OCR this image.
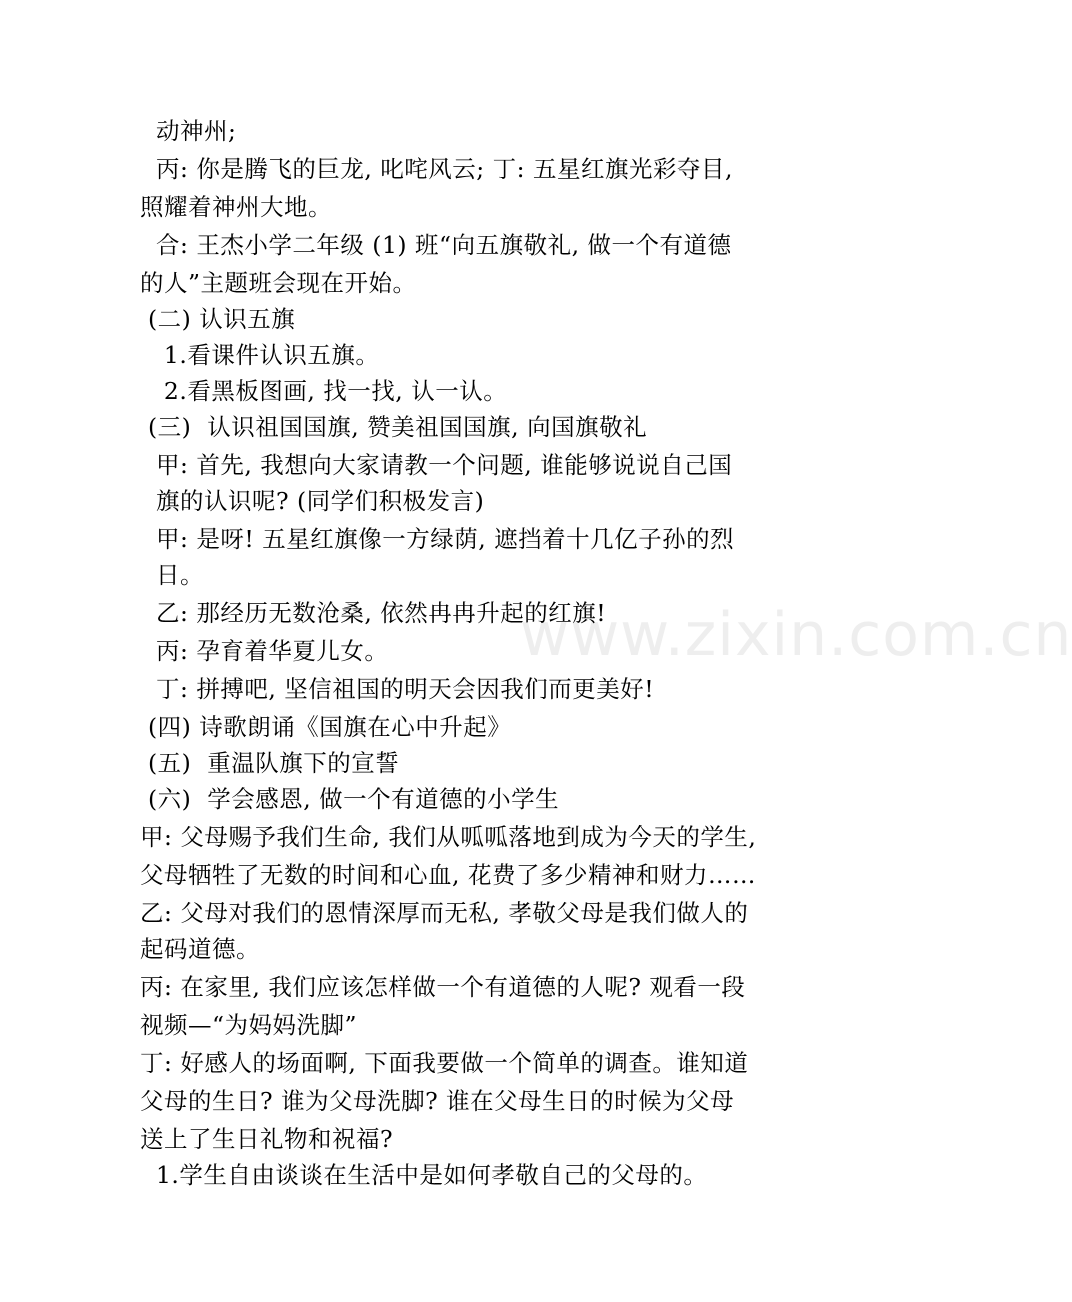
www.zixin.com.cn
动神州;
丙: 你是腾飞的巨龙, 叱咤风云; 丁: 五星红旗光彩夺目,
照耀着神州大地。
合: 王杰小学二年级 (1) 班“向五旗敬礼, 做一个有道德
的人”主题班会现在开始。
(二) 认识五旗
1.看课件认识五旗。
2.看黑板图画, 找一找, 认一认。
(三)  认识祖国国旗, 赞美祖国国旗, 向国旗敬礼
甲: 首先, 我想向大家请教一个问题, 谁能够说说自己国
旗的认识呢? (同学们积极发言)
甲: 是呀! 五星红旗像一方绿荫, 遮挡着十几亿子孙的烈
日。
乙: 那经历无数沧桑, 依然冉冉升起的红旗!
丙: 孕育着华夏儿女。
丁: 拼搏吧, 坚信祖国的明天会因我们而更美好!
(四) 诗歌朗诵《国旗在心中升起》
(五)  重温队旗下的宣誓
(六)  学会感恩, 做一个有道德的小学生
甲: 父母赐予我们生命, 我们从呱呱落地到成为今天的学生,
父母牺牲了无数的时间和心血, 花费了多少精神和财力……
乙: 父母对我们的恩情深厚而无私, 孝敬父母是我们做人的
起码道德。
丙: 在家里, 我们应该怎样做一个有道德的人呢? 观看一段
视频—“为妈妈洗脚”
丁: 好感人的场面啊, 下面我要做一个简单的调查。谁知道
父母的生日? 谁为父母洗脚? 谁在父母生日的时候为父母
送上了生日礼物和祝福?
1.学生自由谈谈在生活中是如何孝敬自己的父母的。
